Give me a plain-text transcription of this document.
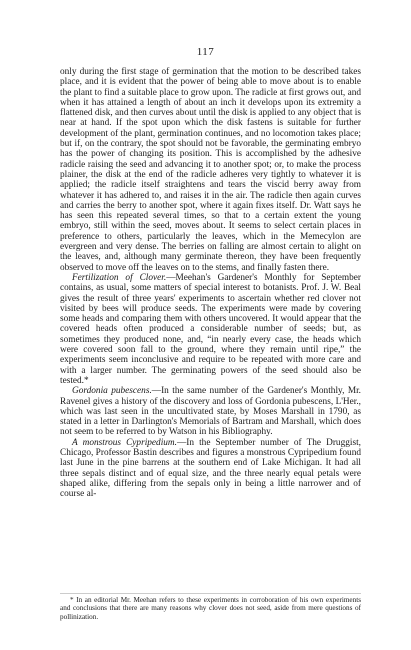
117

only during the first stage of germination that the motion to be described takes place, and it is evident that the power of being able to move about is to enable the plant to find a suitable place to grow upon. The radicle at first grows out, and when it has attained a length of about an inch it develops upon its extremity a flattened disk, and then curves about until the disk is applied to any object that is near at hand. If the spot upon which the disk fastens is suitable for further development of the plant, germination continues, and no locomotion takes place; but if, on the contrary, the spot should not be favorable, the germinating embryo has the power of changing its position. This is accomplished by the adhesive radicle raising the seed and advancing it to another spot; or, to make the process plainer, the disk at the end of the radicle adheres very tightly to whatever it is applied; the radicle itself straightens and tears the viscid berry away from whatever it has adhered to, and raises it in the air. The radicle then again curves and carries the berry to another spot, where it again fixes itself. Dr. Watt says he has seen this repeated several times, so that to a certain extent the young embryo, still within the seed, moves about. It seems to select certain places in preference to others, particularly the leaves, which in the Memecylon are evergreen and very dense. The berries on falling are almost certain to alight on the leaves, and, although many germinate thereon, they have been frequently observed to move off the leaves on to the stems, and finally fasten there.

Fertilization of Clover.—Meehan's Gardener's Monthly for September contains, as usual, some matters of special interest to botanists. Prof. J. W. Beal gives the result of three years' experiments to ascertain whether red clover not visited by bees will produce seeds. The experiments were made by covering some heads and comparing them with others uncovered. It would appear that the covered heads often produced a considerable number of seeds; but, as sometimes they produced none, and, “in nearly every case, the heads which were covered soon fall to the ground, where they remain until ripe,” the experiments seem inconclusive and require to be repeated with more care and with a larger number. The germinating powers of the seed should also be tested.*

Gordonia pubescens.—In the same number of the Gardener's Monthly, Mr. Ravenel gives a history of the discovery and loss of Gordonia pubescens, L'Her., which was last seen in the uncultivated state, by Moses Marshall in 1790, as stated in a letter in Darlington's Memorials of Bartram and Marshall, which does not seem to be referred to by Watson in his Bibliography.

A monstrous Cypripedium.—In the September number of The Druggist, Chicago, Professor Bastin describes and figures a monstrous Cypripedium found last June in the pine barrens at the southern end of Lake Michigan. It had all three sepals distinct and of equal size, and the three nearly equal petals were shaped alike, differing from the sepals only in being a little narrower and of course al-

* In an editorial Mr. Meehan refers to these experiments in corroboration of his own experiments and conclusions that there are many reasons why clover does not seed, aside from mere questions of pollinization.
